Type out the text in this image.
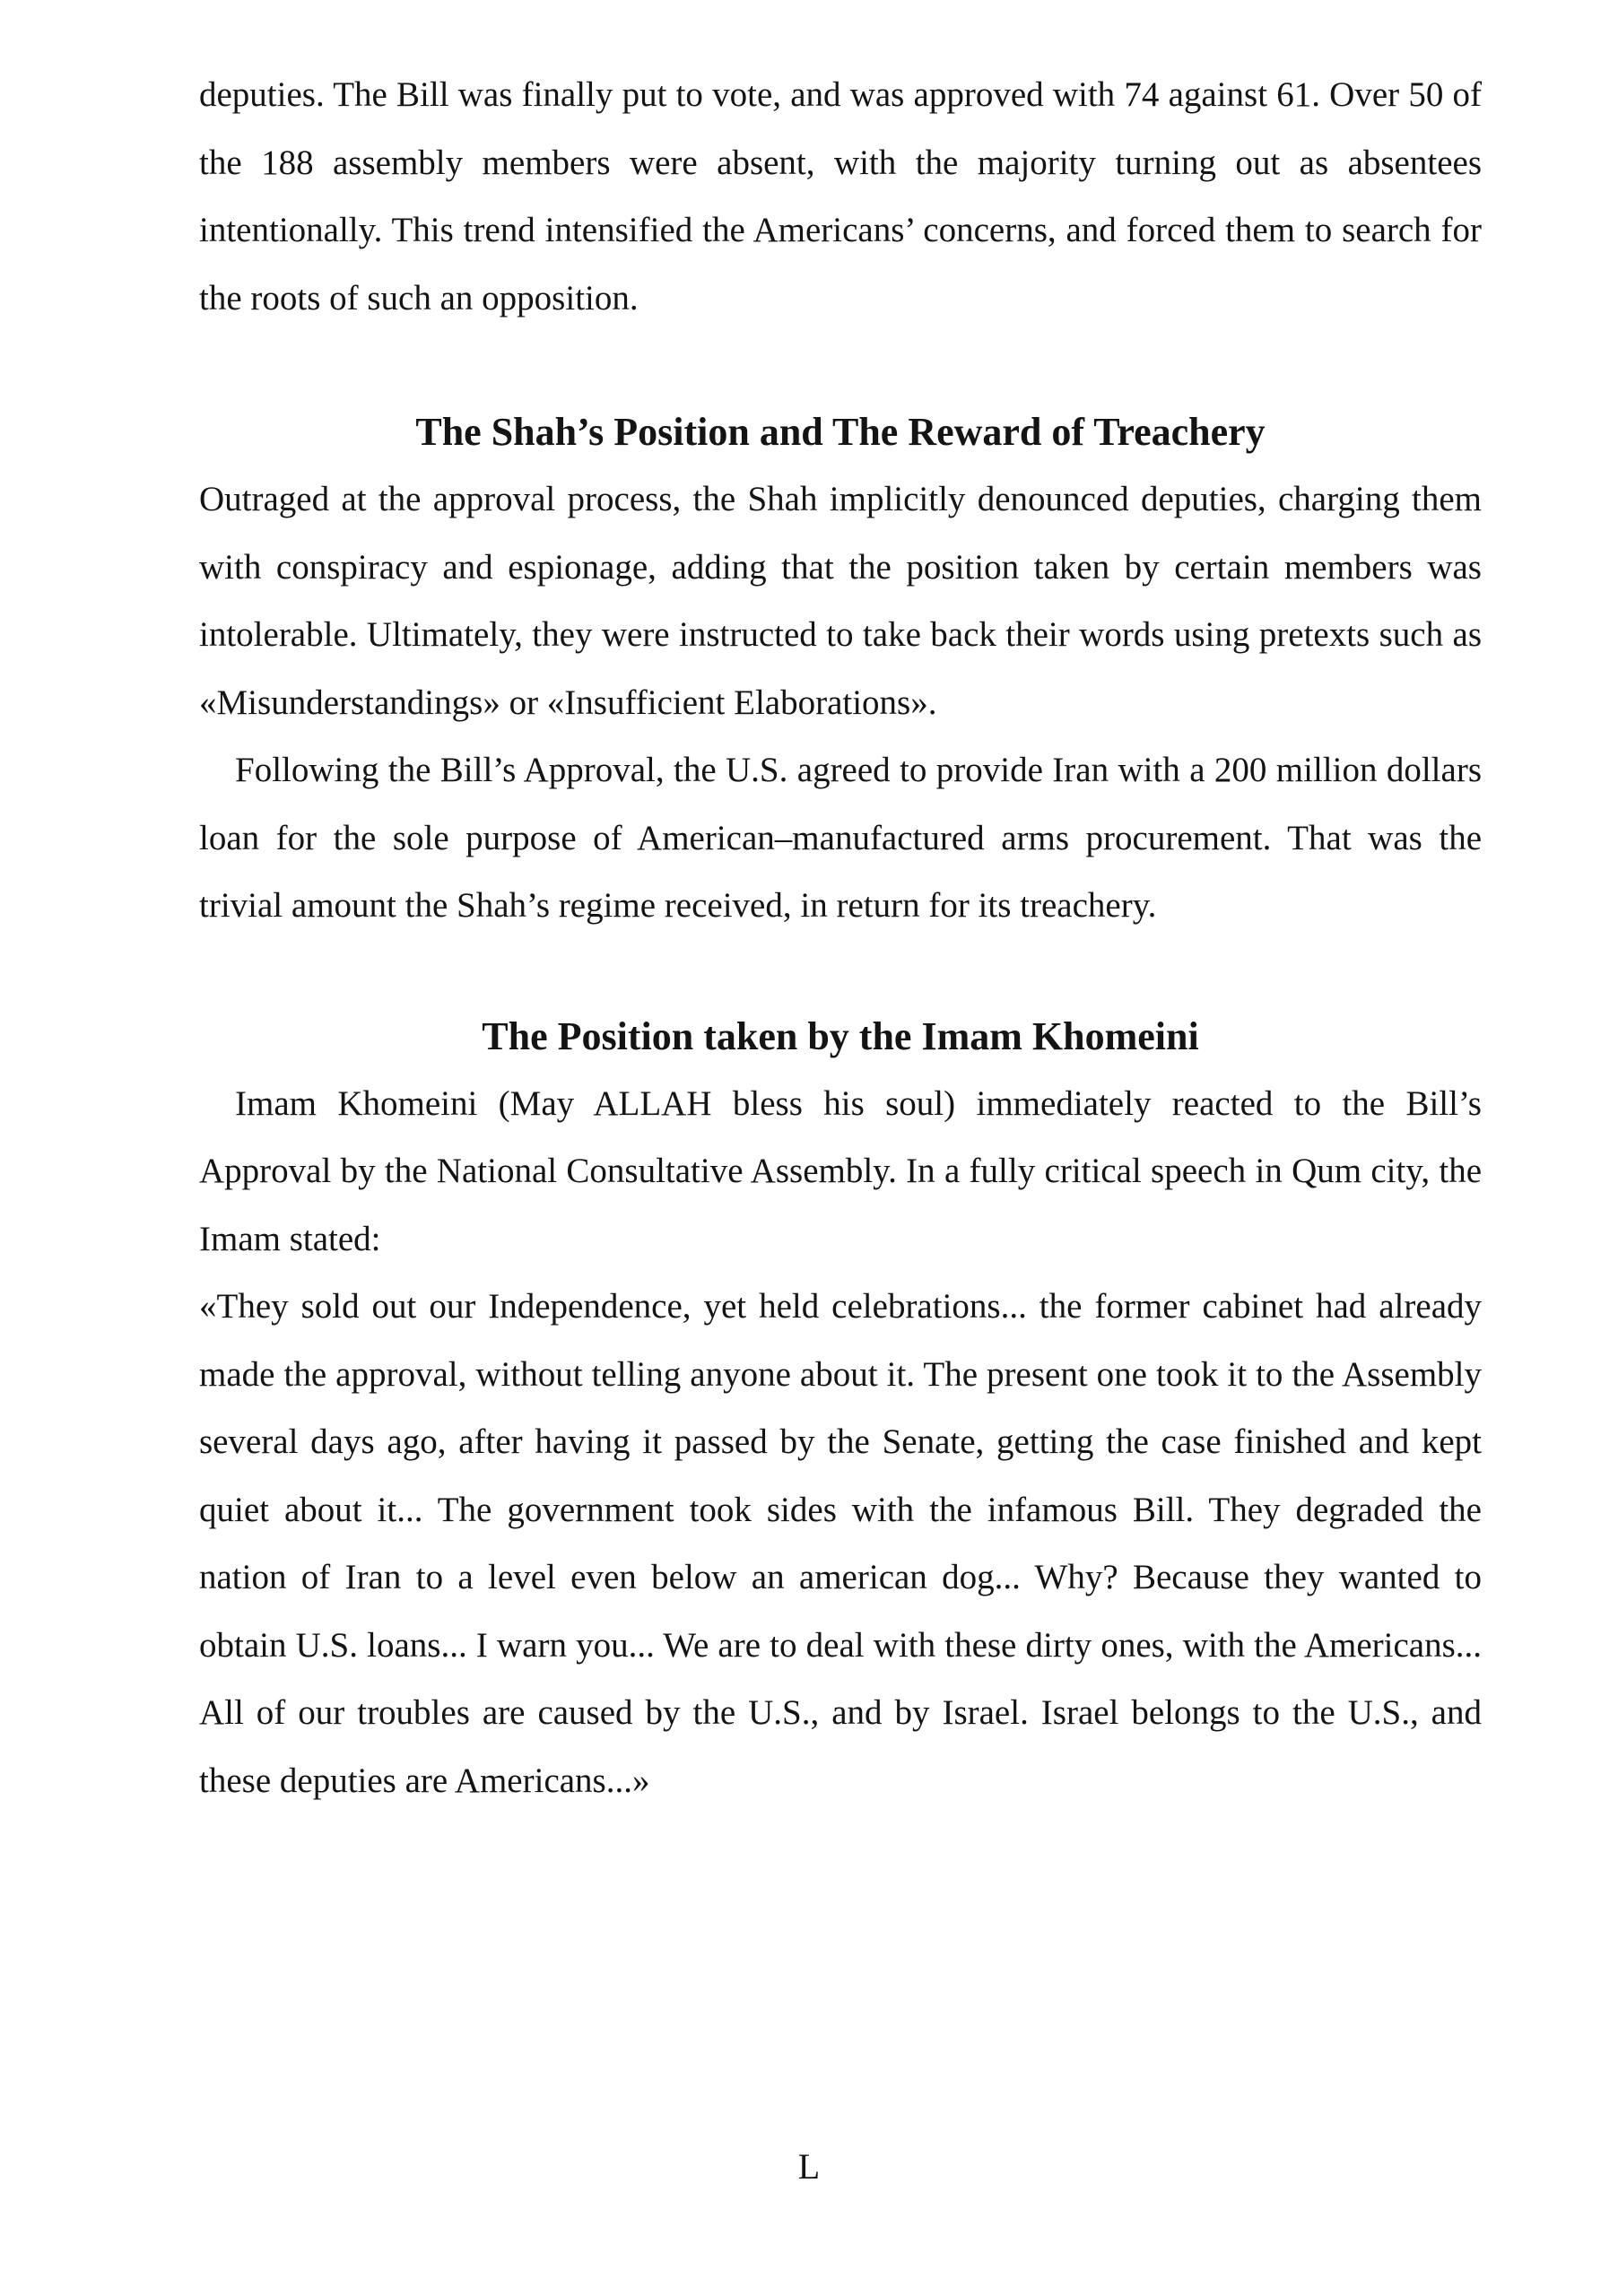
deputies. The Bill was finally put to vote, and was approved with 74 against 61. Over 50 of the 188 assembly members were absent, with the majority turning out as absentees intentionally. This trend intensified the Americans’ concerns, and forced them to search for the roots of such an opposition.

The Shah’s Position and The Reward of Treachery

Outraged at the approval process, the Shah implicitly denounced deputies, charging them with conspiracy and espionage, adding that the position taken by certain members was intolerable. Ultimately, they were instructed to take back their words using pretexts such as «Misunderstandings» or «Insufficient Elaborations».

Following the Bill’s Approval, the U.S. agreed to provide Iran with a 200 million dollars loan for the sole purpose of American–manufactured arms procurement. That was the trivial amount the Shah’s regime received, in return for its treachery.

The Position taken by the Imam Khomeini

Imam Khomeini (May ALLAH bless his soul) immediately reacted to the Bill’s Approval by the National Consultative Assembly. In a fully critical speech in Qum city, the Imam stated:

«They sold out our Independence, yet held celebrations... the former cabinet had already made the approval, without telling anyone about it. The present one took it to the Assembly several days ago, after having it passed by the Senate, getting the case finished and kept quiet about it... The government took sides with the infamous Bill. They degraded the nation of Iran to a level even below an american dog... Why? Because they wanted to obtain U.S. loans... I warn you... We are to deal with these dirty ones, with the Americans... All of our troubles are caused by the U.S., and by Israel. Israel belongs to the U.S., and these deputies are Americans...»

L
